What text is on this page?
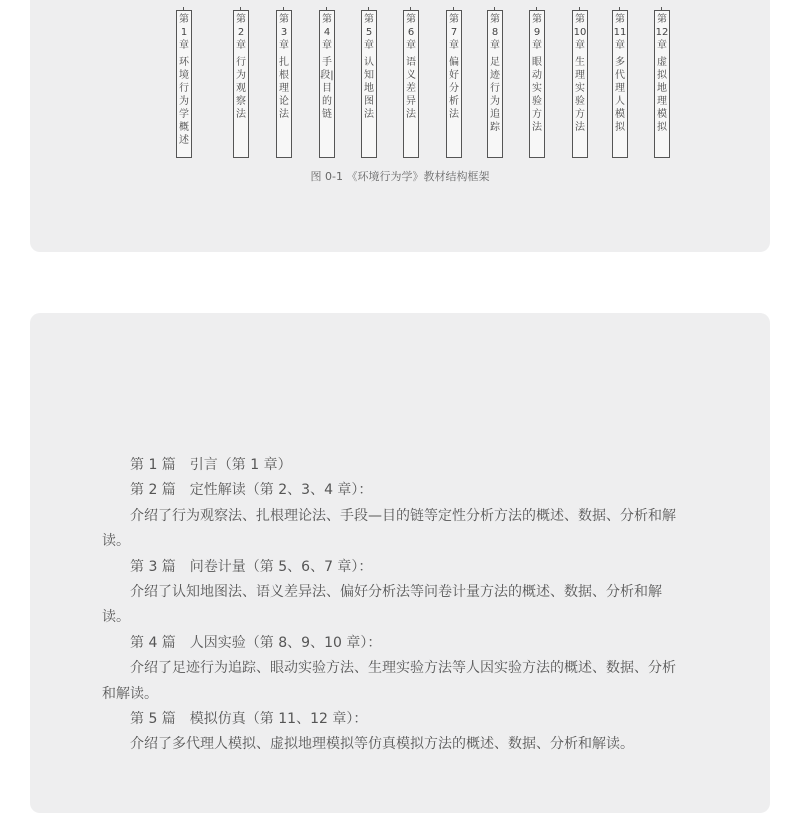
第1章
环境行为学概述
第2章
行为观察法
第3章
扎根理论法
第4章
手段|目的链
第5章
认知地图法
第6章
语义差异法
第7章
偏好分析法
第8章
足迹行为追踪
第9章
眼动实验方法
第10章
生理实验方法
第11章
多代理人模拟
第12章
虚拟地理模拟
图 0-1 《环境行为学》教材结构框架

第 1 篇　引言（第 1 章）

第 2 篇　定性解读（第 2、3、4 章）：

介绍了行为观察法、扎根理论法、手段—目的链等定性分析方法的概述、数据、分析和解读。

第 3 篇　问卷计量（第 5、6、7 章）：

介绍了认知地图法、语义差异法、偏好分析法等问卷计量方法的概述、数据、分析和解读。

第 4 篇　人因实验（第 8、9、10 章）：

介绍了足迹行为追踪、眼动实验方法、生理实验方法等人因实验方法的概述、数据、分析和解读。

第 5 篇　模拟仿真（第 11、12 章）：

介绍了多代理人模拟、虚拟地理模拟等仿真模拟方法的概述、数据、分析和解读。
